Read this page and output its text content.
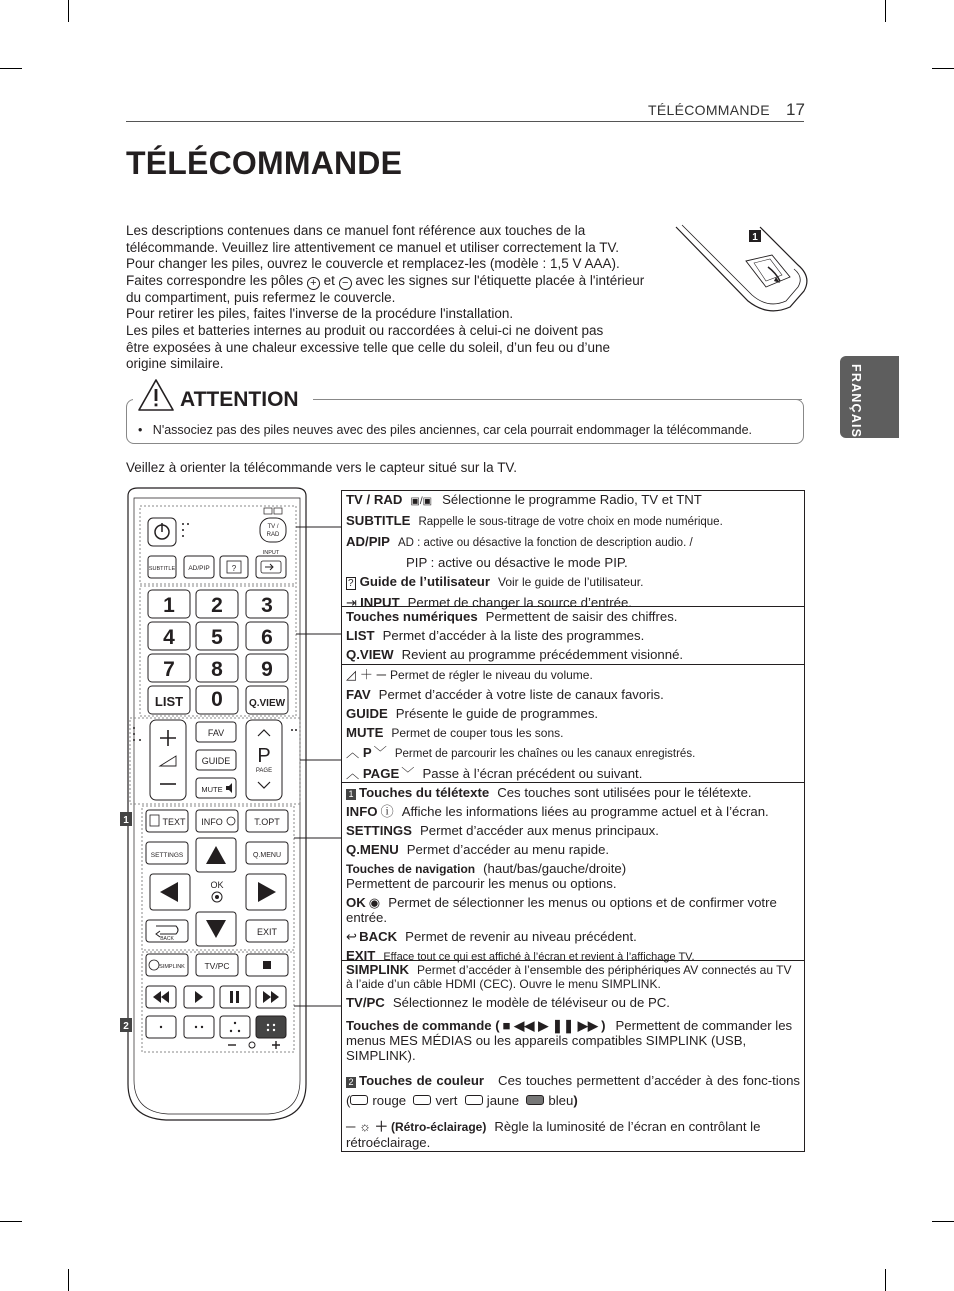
TÉLÉCOMMANDE 17
TÉLÉCOMMANDE
FRANÇAIS

Les descriptions contenues dans ce manuel font référence aux touches de la

télécommande. Veuillez lire attentivement ce manuel et utiliser correctement la TV.

Pour changer les piles, ouvrez le couvercle et remplacez-les (modèle : 1,5 V AAA).

Faites correspondre les pôles + et − avec les signes sur l'étiquette placée à l'intérieur

du compartiment, puis refermez le couvercle.

Pour retirer les piles, faites l'inverse de la procédure l'installation.

Les piles et batteries internes au produit ou raccordées à celui-ci ne doivent pas

être exposées à une chaleur excessive telle que celle du soleil, d’un feu ou d’une

origine similaire.

1
ATTENTION
•   N'associez pas des piles neuves avec des piles anciennes, car cela pourrait endommager la télécommande.
Veillez à orienter la télécommande vers le capteur situé sur la TV.
TV /
RAD
SUBTITLE AD/PIP	?
INPUT
1 2 3
4 5 6
7 8 9
LIST 0	Q.VIEW
FAV
GUIDE
MUTE
P
PAGE
TEXT INFO	T.OPT
SETTINGS	Q.MENU
OK
BACK
EXIT
SIMPLINK TV/PC
1
2
TV / RAD ▣/▣ Sélectionne le programme Radio, TV et TNT
SUBTITLE Rappelle le sous-titrage de votre choix en mode numérique.
AD/PIP AD : active ou désactive la fonction de description audio. /
PIP : active ou désactive le mode PIP.
? Guide de l’utilisateur Voir le guide de l’utilisateur.
⇥ INPUT Permet de changer la source d’entrée.
Touches numériques Permettent de saisir des chiffres.
LIST Permet d’accéder à la liste des programmes.
Q.VIEW Revient au programme précédemment visionné.
◿ ＋ ─ Permet de régler le niveau du volume.
FAV Permet d’accéder à votre liste de canaux favoris.
GUIDE Présente le guide de programmes.
MUTE Permet de couper tous les sons.
︿ P ﹀ Permet de parcourir les chaînes ou les canaux enregistrés.
︿ PAGE ﹀ Passe à l’écran précédent ou suivant.
1 Touches du télétexte Ces touches sont utilisées pour le télétexte.
INFO ⓘ Affiche les informations liées au programme actuel et à l’écran.
SETTINGS Permet d’accéder aux menus principaux.
Q.MENU Permet d’accéder au menu rapide.
Touches de navigation (haut/bas/gauche/droite)
Permettent de parcourir les menus ou options.
OK ◉ Permet de sélectionner les menus ou options et de confirmer votre entrée.
↩ BACK Permet de revenir au niveau précédent.
EXIT Efface tout ce qui est affiché à l’écran et revient à l’affichage TV.
SIMPLINK Permet d’accéder à l’ensemble des périphériques AV connectés au TV à l’aide d’un câble HDMI (CEC). Ouvre le menu SIMPLINK.
TV/PC Sélectionnez le modèle de téléviseur ou de PC.
Touches de commande ( ■ ◀◀ ▶ ❚❚ ▶▶ ) Permettent de commander les menus MES MÉDIAS ou les appareils compatibles SIMPLINK (USB, SIMPLINK).
2 Touches de couleur Ces touches permettent d’accéder à des fonc-tions ( rouge vert jaune bleu)
─ ☼ ＋ (Rétro-éclairage) Règle la luminosité de l’écran en contrôlant le rétroéclairage.
